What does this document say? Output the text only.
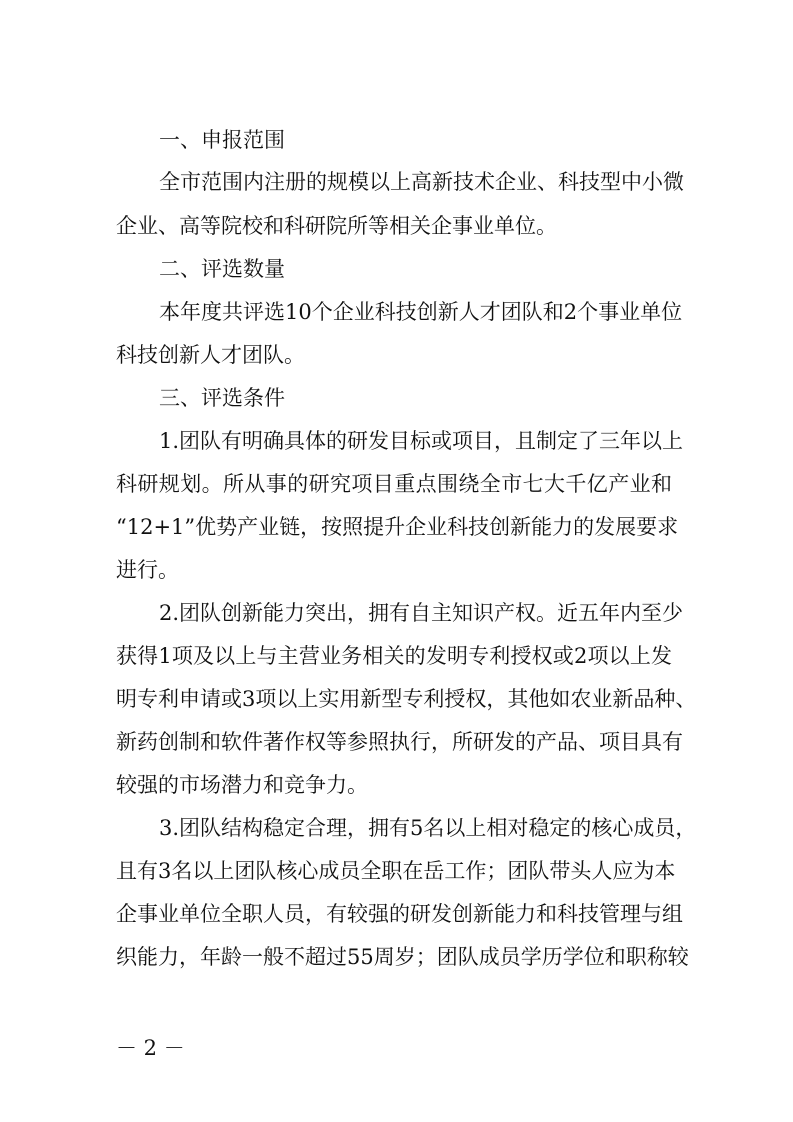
一、申报范围
全市范围内注册的规模以上高新技术企业、科技型中小微
企业、高等院校和科研院所等相关企事业单位。
二、评选数量
本年度共评选10个企业科技创新人才团队和2个事业单位
科技创新人才团队。
三、评选条件
1.团队有明确具体的研发目标或项目，且制定了三年以上
科研规划。所从事的研究项目重点围绕全市七大千亿产业和
“12+1”优势产业链，按照提升企业科技创新能力的发展要求
进行。
2.团队创新能力突出，拥有自主知识产权。近五年内至少
获得1项及以上与主营业务相关的发明专利授权或2项以上发
明专利申请或3项以上实用新型专利授权，其他如农业新品种、
新药创制和软件著作权等参照执行，所研发的产品、项目具有
较强的市场潜力和竞争力。
3.团队结构稳定合理，拥有5名以上相对稳定的核心成员，
且有3名以上团队核心成员全职在岳工作；团队带头人应为本
企事业单位全职人员，有较强的研发创新能力和科技管理与组
织能力，年龄一般不超过55周岁；团队成员学历学位和职称较
－ 2 －
